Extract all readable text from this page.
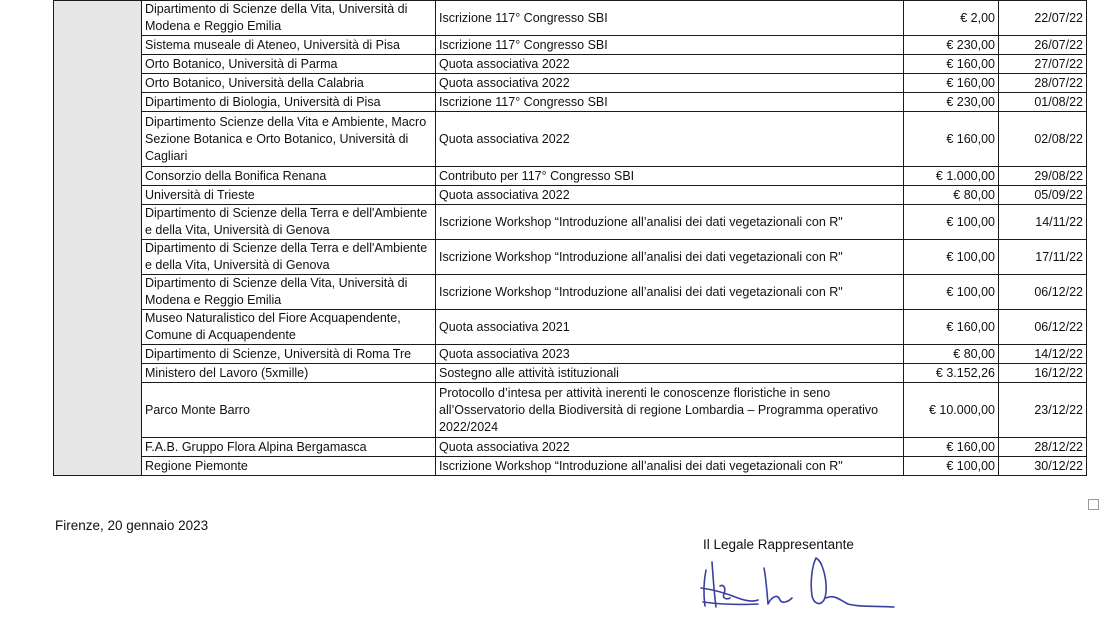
	Dipartimento di Scienze della Vita, Università di Modena e Reggio Emilia	Iscrizione 117° Congresso SBI	€ 2,00	22/07/22
	Sistema museale di Ateneo, Università di Pisa	Iscrizione 117° Congresso SBI	€ 230,00	26/07/22
	Orto Botanico, Università di Parma	Quota associativa 2022	€ 160,00	27/07/22
	Orto Botanico, Università della Calabria	Quota associativa 2022	€ 160,00	28/07/22
	Dipartimento di Biologia, Università di Pisa	Iscrizione 117° Congresso SBI	€ 230,00	01/08/22
	Dipartimento Scienze della Vita e Ambiente, Macro Sezione Botanica e Orto Botanico, Università di Cagliari	Quota associativa 2022	€ 160,00	02/08/22
	Consorzio della Bonifica Renana	Contributo per 117° Congresso SBI	€ 1.000,00	29/08/22
	Università di Trieste	Quota associativa 2022	€ 80,00	05/09/22
	Dipartimento di Scienze della Terra e dell'Ambiente e della Vita, Università di Genova	Iscrizione Workshop “Introduzione all’analisi dei dati vegetazionali con R"	€ 100,00	14/11/22
	Dipartimento di Scienze della Terra e dell'Ambiente e della Vita, Università di Genova	Iscrizione Workshop “Introduzione all’analisi dei dati vegetazionali con R"	€ 100,00	17/11/22
	Dipartimento di Scienze della Vita, Università di Modena e Reggio Emilia	Iscrizione Workshop “Introduzione all’analisi dei dati vegetazionali con R"	€ 100,00	06/12/22
	Museo Naturalistico del Fiore Acquapendente, Comune di Acquapendente	Quota associativa 2021	€ 160,00	06/12/22
	Dipartimento di Scienze, Università di Roma Tre	Quota associativa 2023	€ 80,00	14/12/22
	Ministero del Lavoro (5xmille)	Sostegno alle attività istituzionali	€ 3.152,26	16/12/22
	Parco Monte Barro	Protocollo d’intesa per attività inerenti le conoscenze floristiche in seno all’Osservatorio della Biodiversità di regione Lombardia – Programma operativo 2022/2024	€ 10.000,00	23/12/22
	F.A.B. Gruppo Flora Alpina Bergamasca	Quota associativa 2022	€ 160,00	28/12/22
	Regione Piemonte	Iscrizione Workshop “Introduzione all’analisi dei dati vegetazionali con R"	€ 100,00	30/12/22
Firenze, 20 gennaio 2023
Il Legale Rappresentante
